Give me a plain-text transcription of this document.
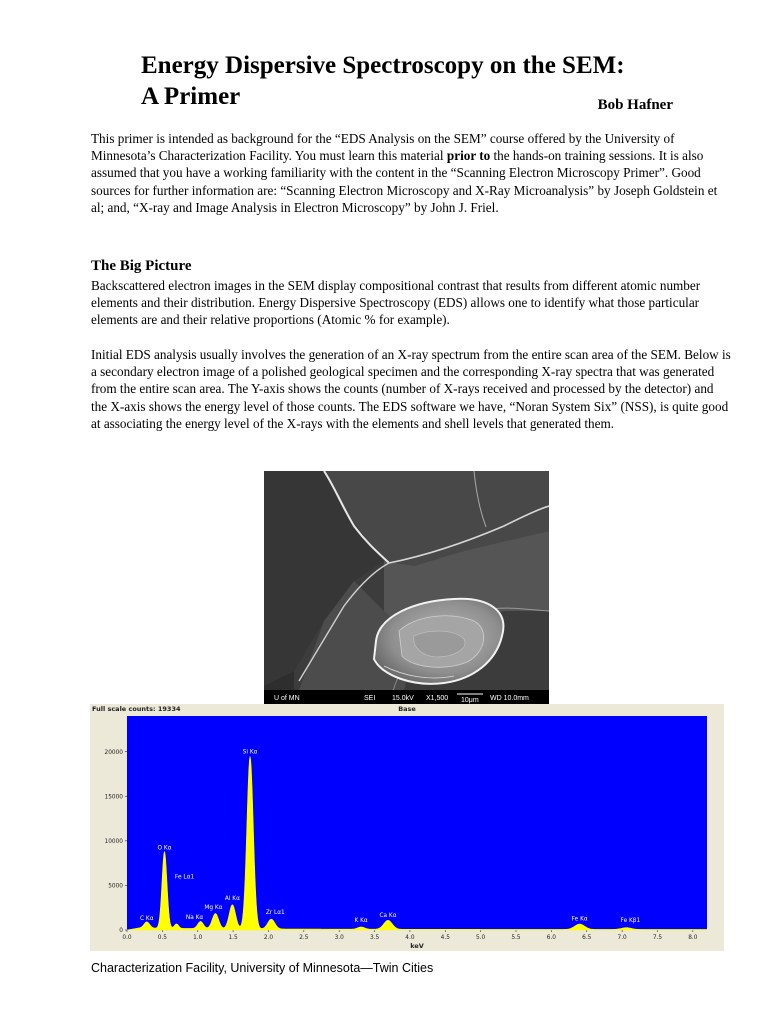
Energy Dispersive Spectroscopy on the SEM:
A Primer	Bob Hafner

This primer is intended as background for the “EDS Analysis on the SEM” course offered by the University of Minnesota’s Characterization Facility. You must learn this material prior to the hands-on training sessions. It is also assumed that you have a working familiarity with the content in the “Scanning Electron Microscopy Primer”. Good sources for further information are: “Scanning Electron Microscopy and X-Ray Microanalysis” by Joseph Goldstein et al; and, “X-ray and Image Analysis in Electron Microscopy” by John J. Friel.

The Big Picture

Backscattered electron images in the SEM display compositional contrast that results from different atomic number elements and their distribution. Energy Dispersive Spectroscopy (EDS) allows one to identify what those particular elements are and their relative proportions (Atomic % for example).

Initial EDS analysis usually involves the generation of an X-ray spectrum from the entire scan area of the SEM. Below is a secondary electron image of a polished geological specimen and the corresponding X-ray spectra that was generated from the entire scan area. The Y-axis shows the counts (number of X-rays received and processed by the detector) and the X-axis shows the energy level of those counts. The EDS software we have, “Noran System Six” (NSS), is quite good at associating the energy level of the X-rays with the elements and shell levels that generated them.

U of MN	SEI 15.0kV X1,500 10μm WD 10.0mm
Full scale counts: 19334	Base
0
5000
10000
15000
20000
0.0	0.5	1.0	1.5	2.0	2.5	3.0	3.5	4.0	4.5	5.0	5.5	6.0	6.5	7.0	7.5	8.0
C Kα
O Kα
Fe Lα1
Na Kα
Mg Kα
Al Kα
Si Kα
Zr Lα1
K Kα
Ca Kα
Fe Kα	Fe Kβ1
keV
Characterization Facility, University of Minnesota—Twin Cities
